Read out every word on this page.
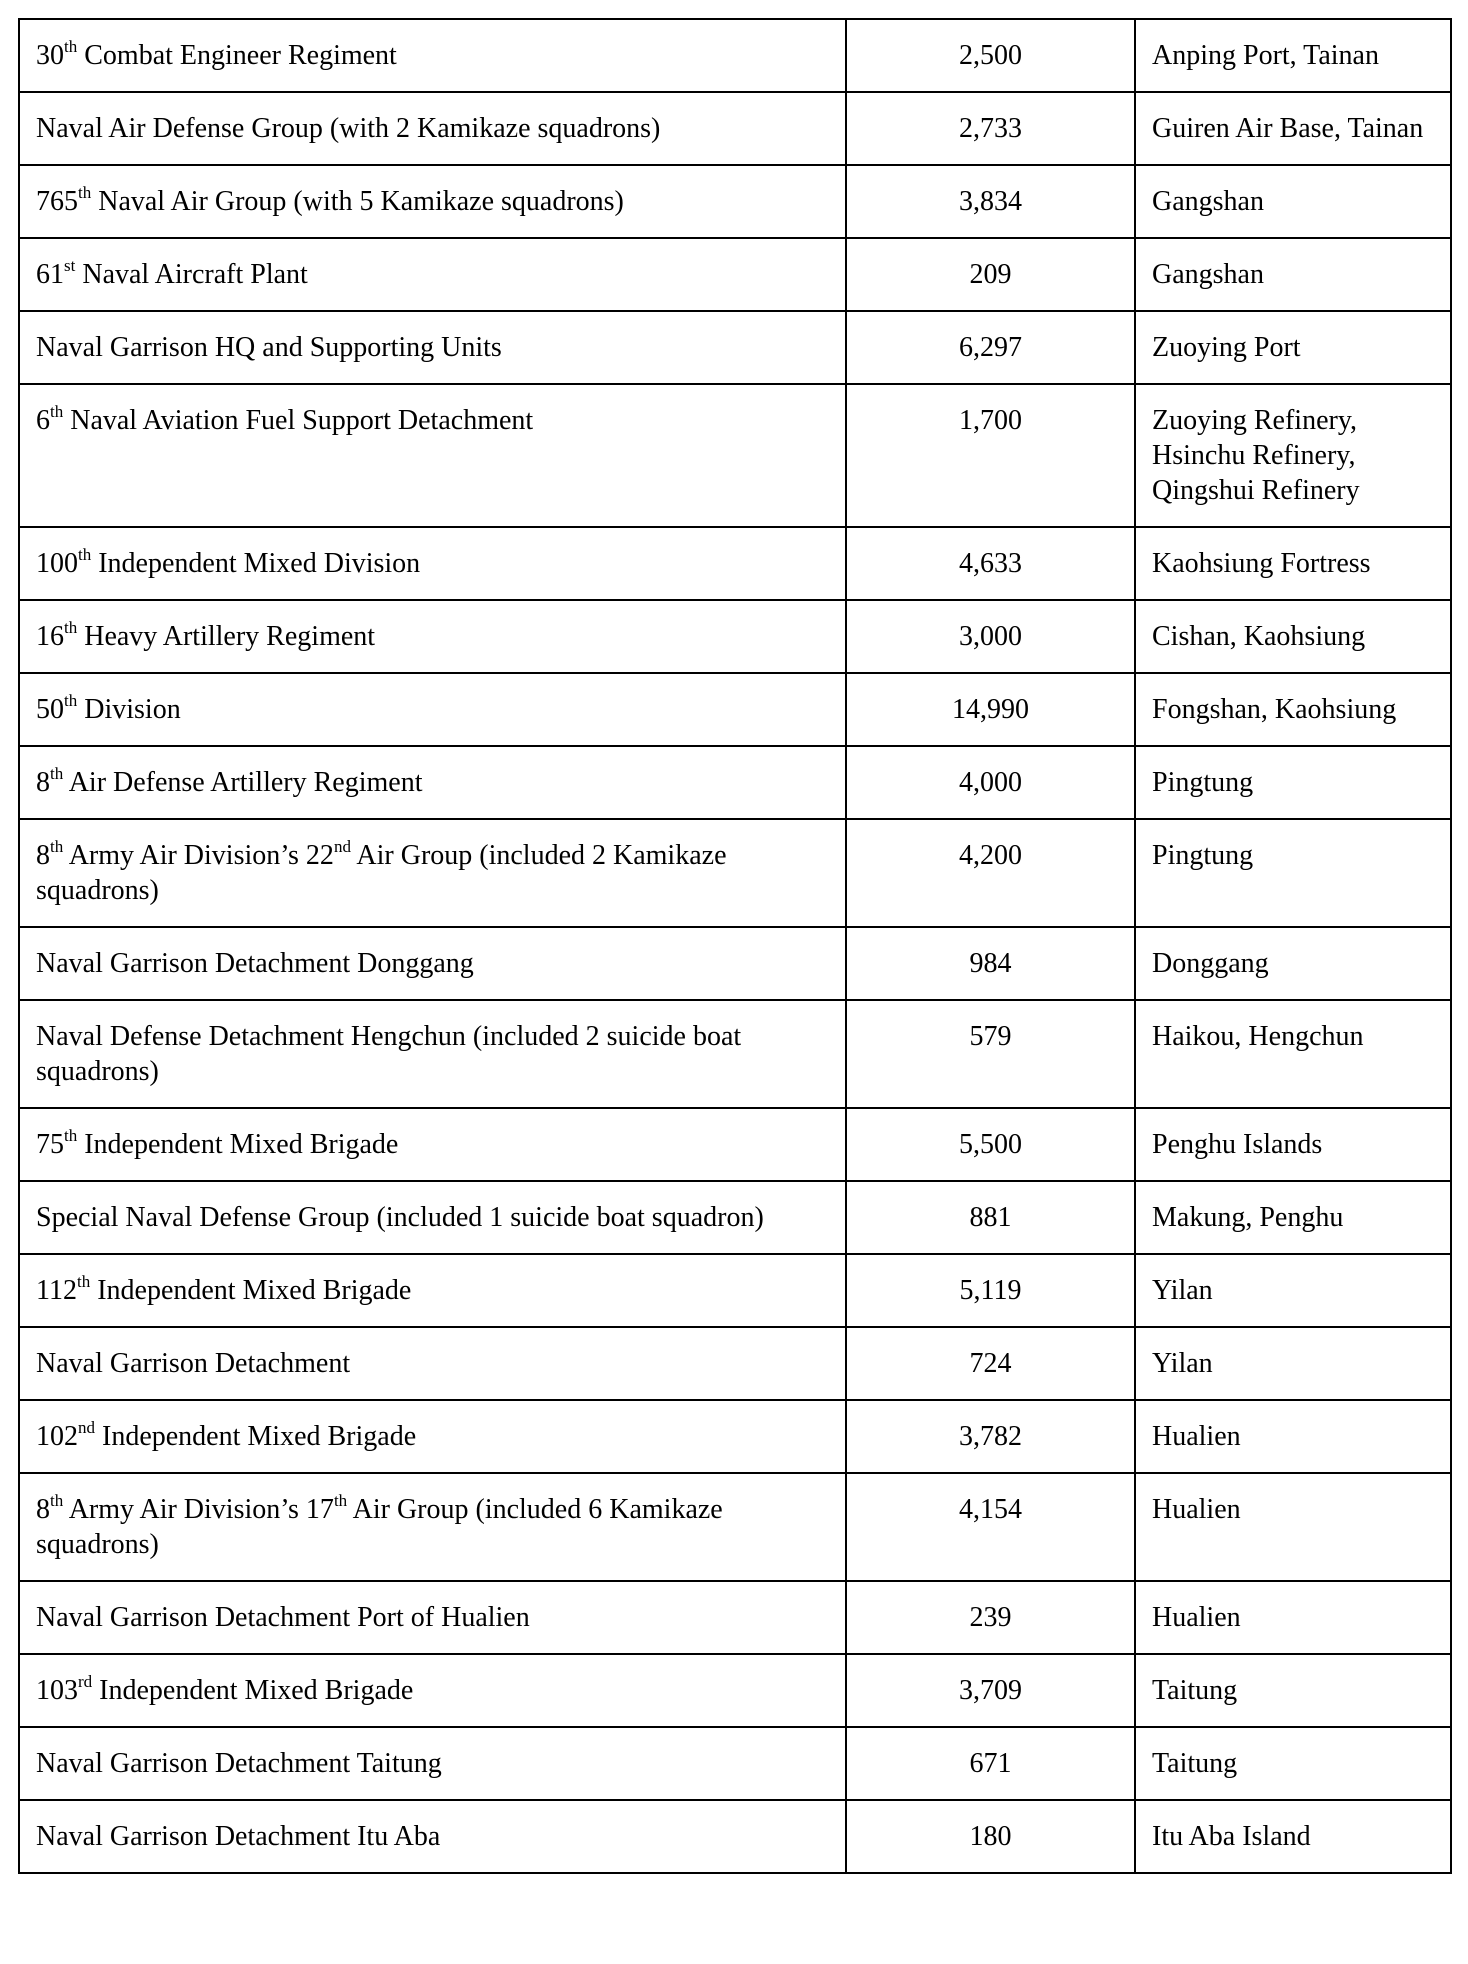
30th Combat Engineer Regiment	2,500	Anping Port, Tainan
Naval Air Defense Group (with 2 Kamikaze squadrons)	2,733	Guiren Air Base, Tainan
765th Naval Air Group (with 5 Kamikaze squadrons)	3,834	Gangshan
61st Naval Aircraft Plant	209	Gangshan
Naval Garrison HQ and Supporting Units	6,297	Zuoying Port
6th Naval Aviation Fuel Support Detachment	1,700	Zuoying Refinery, Hsinchu Refinery, Qingshui Refinery
100th Independent Mixed Division	4,633	Kaohsiung Fortress
16th Heavy Artillery Regiment	3,000	Cishan, Kaohsiung
50th Division	14,990	Fongshan, Kaohsiung
8th Air Defense Artillery Regiment	4,000	Pingtung
8th Army Air Division’s 22nd Air Group (included 2 Kamikaze squadrons)	4,200	Pingtung
Naval Garrison Detachment Donggang	984	Donggang
Naval Defense Detachment Hengchun (included 2 suicide boat squadrons)	579	Haikou, Hengchun
75th Independent Mixed Brigade	5,500	Penghu Islands
Special Naval Defense Group (included 1 suicide boat squadron)	881	Makung, Penghu
112th Independent Mixed Brigade	5,119	Yilan
Naval Garrison Detachment	724	Yilan
102nd Independent Mixed Brigade	3,782	Hualien
8th Army Air Division’s 17th Air Group (included 6 Kamikaze squadrons)	4,154	Hualien
Naval Garrison Detachment Port of Hualien	239	Hualien
103rd Independent Mixed Brigade	3,709	Taitung
Naval Garrison Detachment Taitung	671	Taitung
Naval Garrison Detachment Itu Aba	180	Itu Aba Island
